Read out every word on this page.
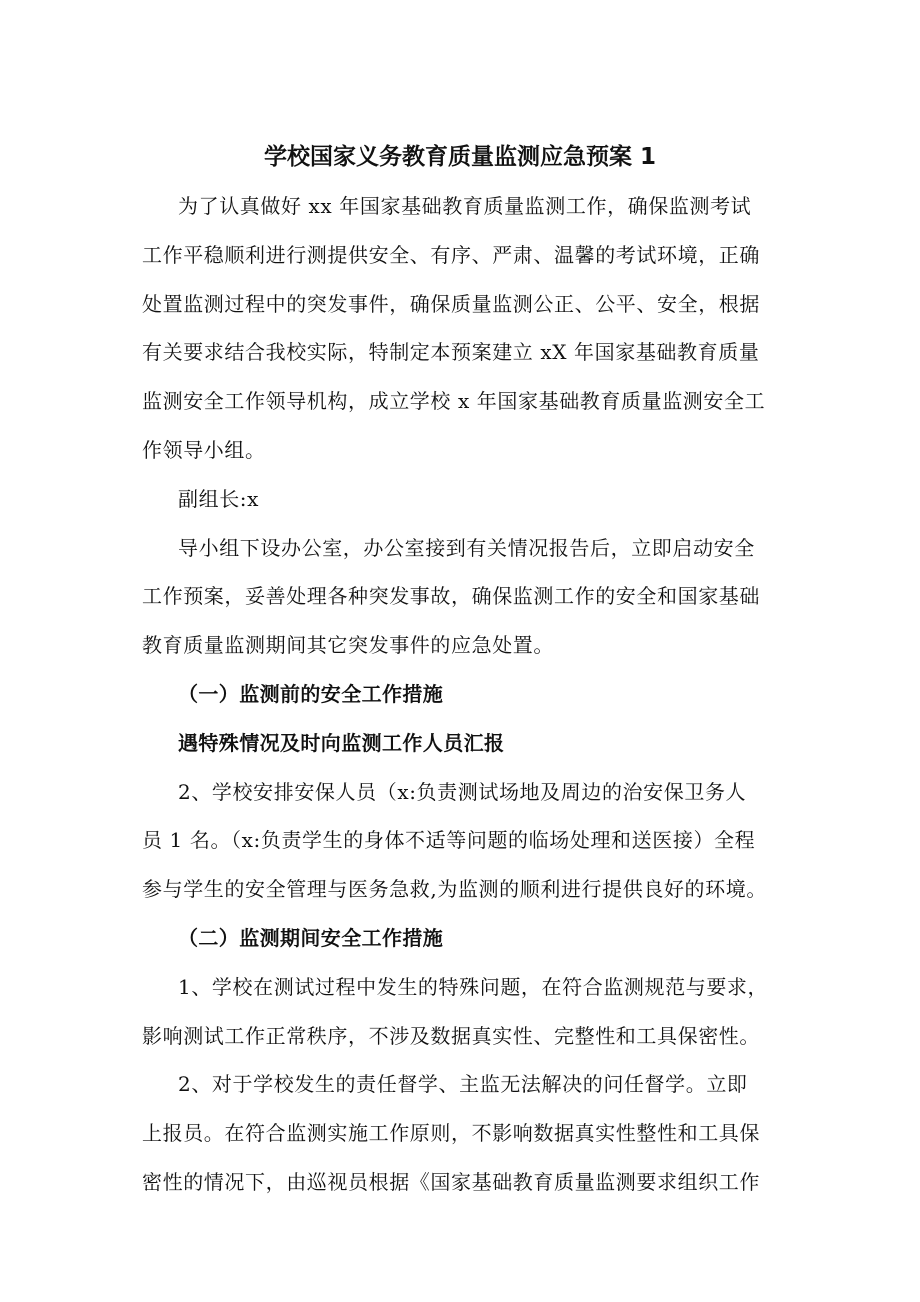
学校国家义务教育质量监测应急预案 1
为了认真做好 xx 年国家基础教育质量监测工作，确保监测考试
工作平稳顺利进行测提供安全、有序、严肃、温馨的考试环境，正确
处置监测过程中的突发事件，确保质量监测公正、公平、安全，根据
有关要求结合我校实际，特制定本预案建立 xX 年国家基础教育质量
监测安全工作领导机构，成立学校 x 年国家基础教育质量监测安全工
作领导小组。
副组长:x
导小组下设办公室，办公室接到有关情况报告后，立即启动安全
工作预案，妥善处理各种突发事故，确保监测工作的安全和国家基础
教育质量监测期间其它突发事件的应急处置。
（一）监测前的安全工作措施
遇特殊情况及时向监测工作人员汇报
2、学校安排安保人员（x:负责测试场地及周边的治安保卫务人
员 1 名。（x:负责学生的身体不适等问题的临场处理和送医接）全程
参与学生的安全管理与医务急救,为监测的顺利进行提供良好的环境。
（二）监测期间安全工作措施
1、学校在测试过程中发生的特殊问题，在符合监测规范与要求，
影响测试工作正常秩序，不涉及数据真实性、完整性和工具保密性。
2、对于学校发生的责任督学、主监无法解决的问任督学。立即
上报员。在符合监测实施工作原则，不影响数据真实性整性和工具保
密性的情况下，由巡视员根据《国家基础教育质量监测要求组织工作
